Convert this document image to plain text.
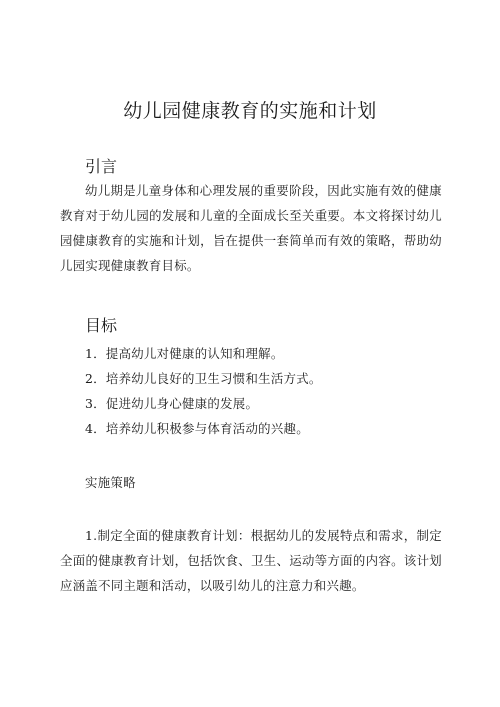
幼儿园健康教育的实施和计划
引言
幼儿期是儿童身体和心理发展的重要阶段，因此实施有效的健康教育对于幼儿园的发展和儿童的全面成长至关重要。本文将探讨幼儿园健康教育的实施和计划，旨在提供一套简单而有效的策略，帮助幼儿园实现健康教育目标。
目标
1．提高幼儿对健康的认知和理解。
2．培养幼儿良好的卫生习惯和生活方式。
3．促进幼儿身心健康的发展。
4．培养幼儿积极参与体育活动的兴趣。
实施策略
1.制定全面的健康教育计划：根据幼儿的发展特点和需求，制定全面的健康教育计划，包括饮食、卫生、运动等方面的内容。该计划应涵盖不同主题和活动，以吸引幼儿的注意力和兴趣。
